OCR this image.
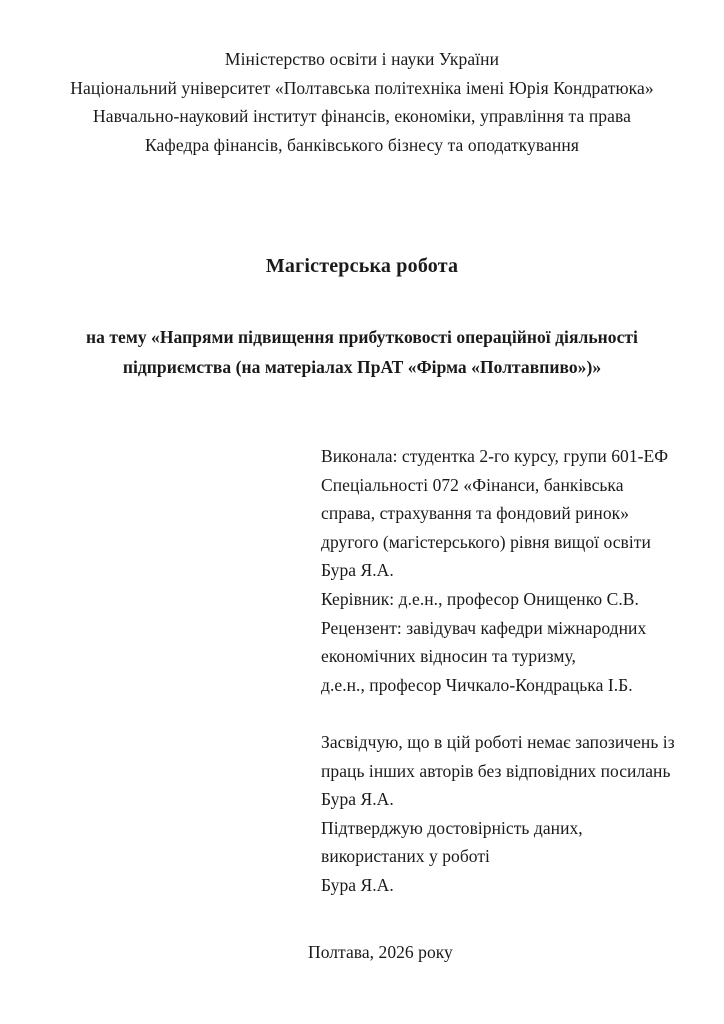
Міністерство освіти і науки України
Національний університет «Полтавська політехніка імені Юрія Кондратюка»
Навчально-науковий інститут фінансів, економіки, управління та права
Кафедра фінансів, банківського бізнесу та оподаткування
Магістерська робота
на тему «Напрями підвищення прибутковості операційної діяльності
підприємства (на матеріалах ПрАТ «Фірма «Полтавпиво»)»
Виконала: студентка 2-го курсу, групи 601-ЕФ
Спеціальності 072 «Фінанси, банківська
справа, страхування та фондовий ринок»
другого (магістерського) рівня вищої освіти
Бура Я.А.
Керівник: д.е.н., професор Онищенко С.В.
Рецензент: завідувач кафедри міжнародних
економічних відносин та туризму,
д.е.н., професор Чичкало-Кондрацька І.Б.
Засвідчую, що в цій роботі немає запозичень із
праць інших авторів без відповідних посилань
Бура Я.А.
Підтверджую достовірність даних,
використаних у роботі
Бура Я.А.
Полтава, 2026 року
